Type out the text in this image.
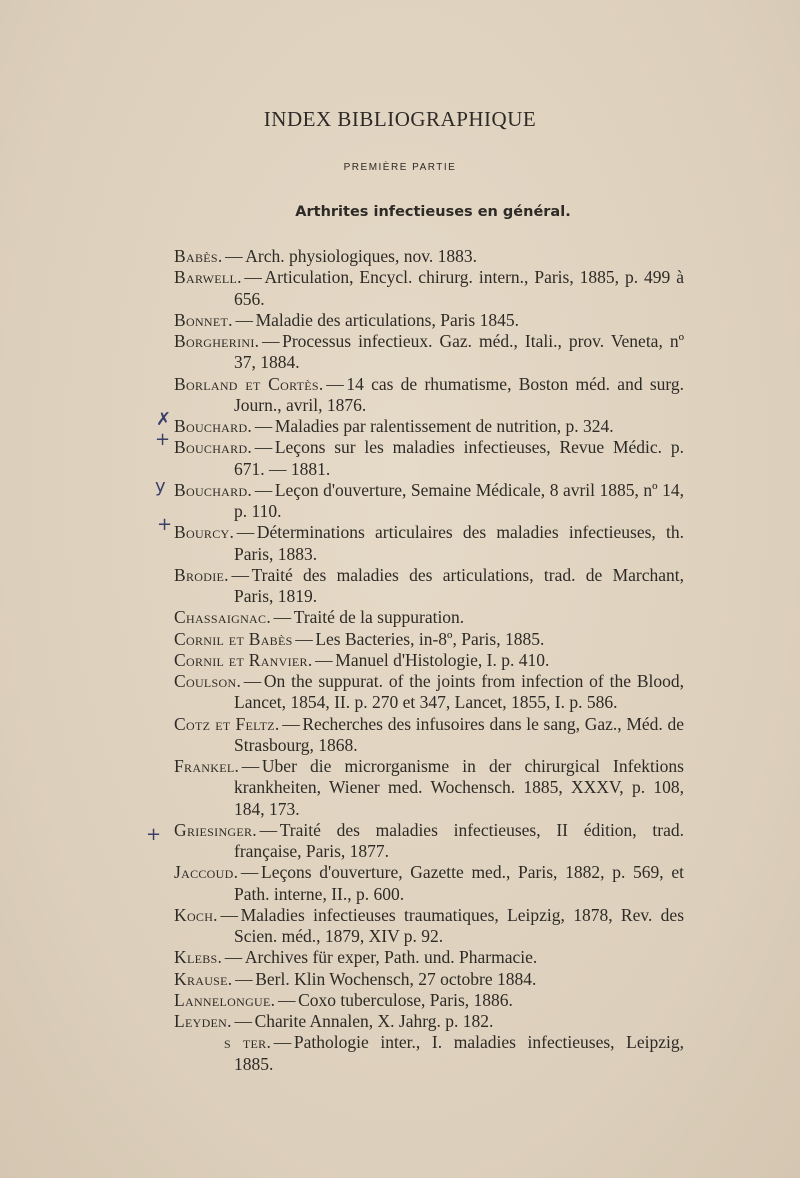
INDEX BIBLIOGRAPHIQUE
PREMIÈRE PARTIE
Arthrites infectieuses en général.

Babès. — Arch. physiologiques, nov. 1883.

Barwell. — Articulation, Encycl. chirurg. intern., Paris, 1885, p. 499 à 656.

Bonnet. — Maladie des articulations, Paris 1845.

Borgherini. — Processus infectieux. Gaz. méd., Itali., prov. Veneta, nº 37, 1884.

Borland et Cortès. — 14 cas de rhumatisme, Boston méd. and surg. Journ., avril, 1876.

Bouchard. — Maladies par ralentissement de nutrition, p. 324.

Bouchard. — Leçons sur les maladies infectieuses, Revue Médic. p. 671. — 1881.

Bouchard. — Leçon d'ouverture, Semaine Médicale, 8 avril 1885, nº 14, p. 110.

Bourcy. — Déterminations articulaires des maladies infectieuses, th. Paris, 1883.

Brodie. — Traité des maladies des articulations, trad. de Marchant, Paris, 1819.

Chassaignac. — Traité de la suppuration.

Cornil et Babès — Les Bacteries, in-8º, Paris, 1885.

Cornil et Ranvier. — Manuel d'Histologie, I. p. 410.

Coulson. — On the suppurat. of the joints from infection of the Blood, Lancet, 1854, II. p. 270 et 347, Lancet, 1855, I. p. 586.

Cotz et Feltz. — Recherches des infusoires dans le sang, Gaz., Méd. de Strasbourg, 1868.

Frankel. — Uber die microrganisme in der chirurgical Infektions krankheiten, Wiener med. Wochensch. 1885, XXXV, p. 108, 184, 173.

Griesinger. — Traité des maladies infectieuses, II édition, trad. française, Paris, 1877.

Jaccoud. — Leçons d'ouverture, Gazette med., Paris, 1882, p. 569, et Path. interne, II., p. 600.

Koch. — Maladies infectieuses traumatiques, Leipzig, 1878, Rev. des Scien. méd., 1879, XIV p. 92.

Klebs. — Archives für exper, Path. und. Pharmacie.

Krause. — Berl. Klin Wochensch, 27 octobre 1884.

Lannelongue. — Coxo tuberculose, Paris, 1886.

Leyden. — Charite Annalen, X. Jahrg. p. 182.

s ter. — Pathologie inter., I. maladies infectieuses, Leipzig, 1885.

✗
+
y
+
+
